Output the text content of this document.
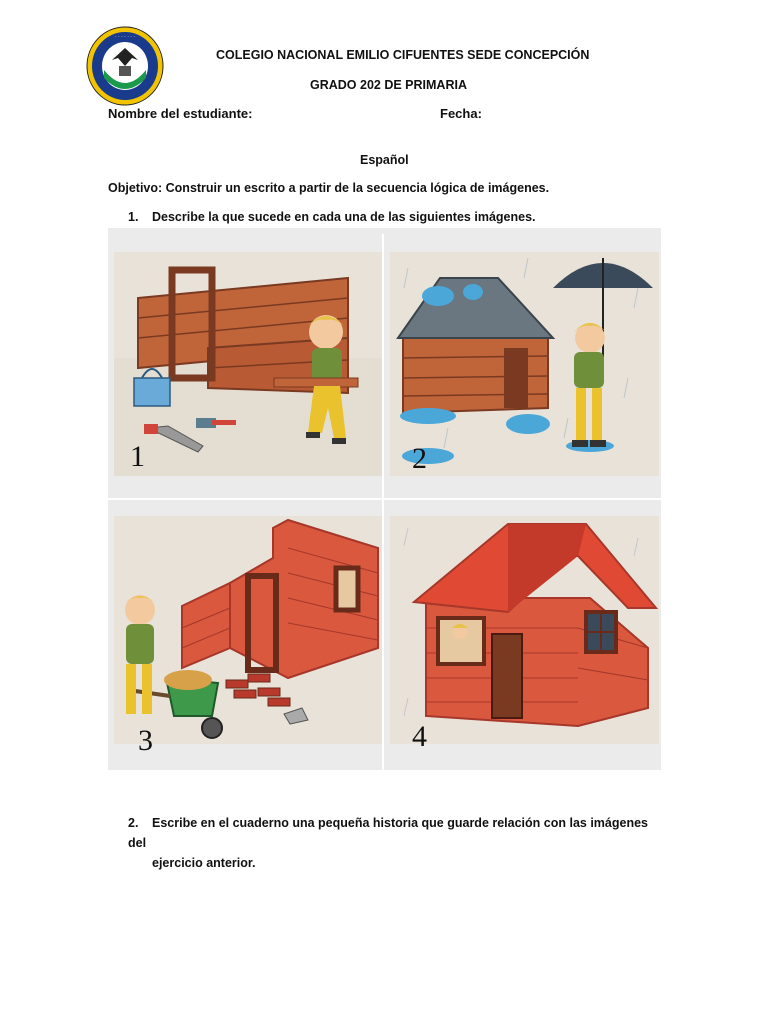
· · · · · · ·
COLEGIO NACIONAL EMILIO CIFUENTES SEDE CONCEPCIÓN
GRADO 202 DE PRIMARIA
Nombre del estudiante:	Fecha:
Español
Objetivo: Construir un escrito a partir de la secuencia lógica de imágenes.
1. Describe la que sucede en cada una de las siguientes imágenes.
1	2
3	4
2. Escribe en el cuaderno una pequeña historia que guarde relación con las imágenes del
ejercicio anterior.
